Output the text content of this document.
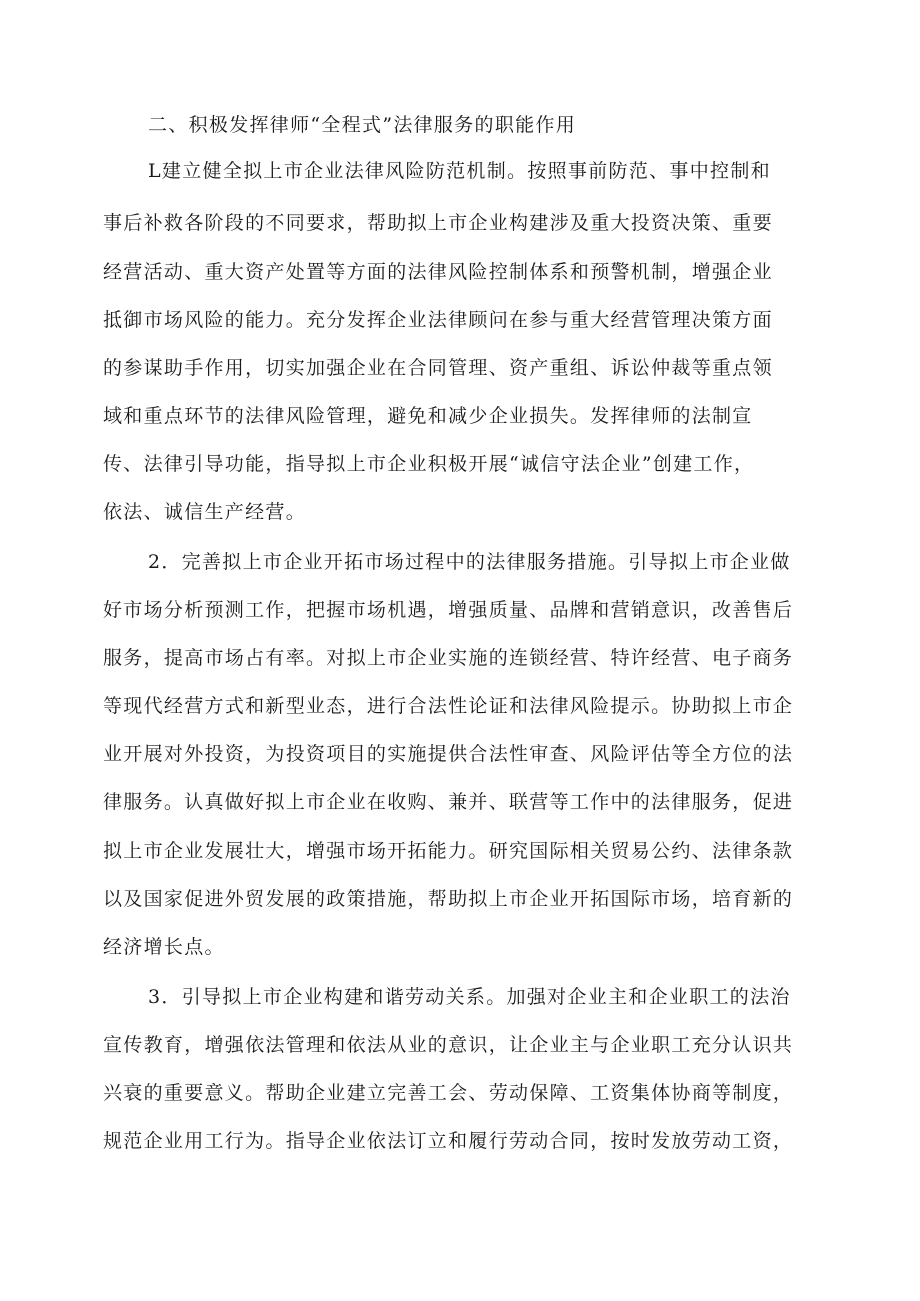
二、积极发挥律师“全程式”法律服务的职能作用
L建立健全拟上市企业法律风险防范机制。按照事前防范、事中控制和
事后补救各阶段的不同要求，帮助拟上市企业构建涉及重大投资决策、重要
经营活动、重大资产处置等方面的法律风险控制体系和预警机制，增强企业
抵御市场风险的能力。充分发挥企业法律顾问在参与重大经营管理决策方面
的参谋助手作用，切实加强企业在合同管理、资产重组、诉讼仲裁等重点领
域和重点环节的法律风险管理，避免和减少企业损失。发挥律师的法制宣
传、法律引导功能，指导拟上市企业积极开展“诚信守法企业”创建工作，
依法、诚信生产经营。
2．完善拟上市企业开拓市场过程中的法律服务措施。引导拟上市企业做
好市场分析预测工作，把握市场机遇，增强质量、品牌和营销意识，改善售后
服务，提高市场占有率。对拟上市企业实施的连锁经营、特许经营、电子商务
等现代经营方式和新型业态，进行合法性论证和法律风险提示。协助拟上市企
业开展对外投资，为投资项目的实施提供合法性审查、风险评估等全方位的法
律服务。认真做好拟上市企业在收购、兼并、联营等工作中的法律服务，促进
拟上市企业发展壮大，增强市场开拓能力。研究国际相关贸易公约、法律条款
以及国家促进外贸发展的政策措施，帮助拟上市企业开拓国际市场，培育新的
经济增长点。
3．引导拟上市企业构建和谐劳动关系。加强对企业主和企业职工的法治
宣传教育，增强依法管理和依法从业的意识，让企业主与企业职工充分认识共
兴衰的重要意义。帮助企业建立完善工会、劳动保障、工资集体协商等制度，
规范企业用工行为。指导企业依法订立和履行劳动合同，按时发放劳动工资，
